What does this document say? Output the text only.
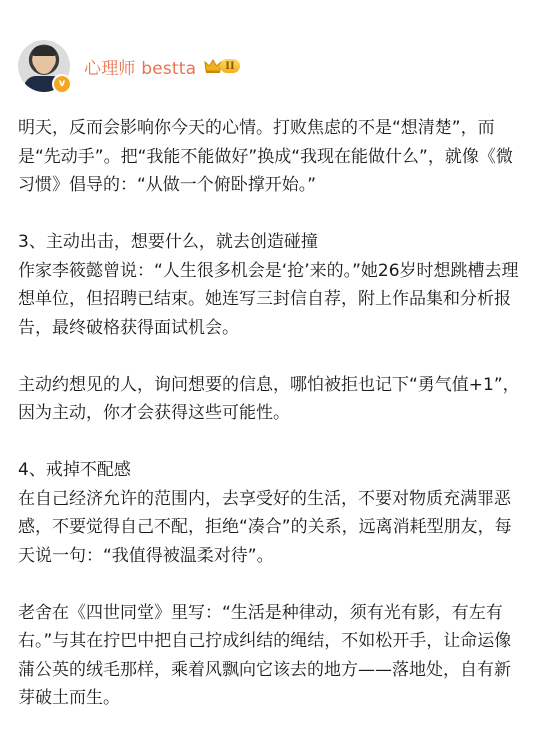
v
心理师 bestta	II

明天，反而会影响你今天的心情。打败焦虑的不是“想清楚”，而是“先动手”。把“我能不能做好”换成“我现在能做什么”，就像《微习惯》倡导的：“从做一个俯卧撑开始。”

3、主动出击，想要什么，就去创造碰撞
作家李筱懿曾说：“人生很多机会是‘抢’来的。”她26岁时想跳槽去理想单位，但招聘已结束。她连写三封信自荐，附上作品集和分析报告，最终破格获得面试机会。

主动约想见的人，询问想要的信息，哪怕被拒也记下“勇气值+1”，因为主动，你才会获得这些可能性。

4、戒掉不配感
在自己经济允许的范围内，去享受好的生活，不要对物质充满罪恶感，不要觉得自己不配，拒绝“凑合”的关系，远离消耗型朋友，每天说一句：“我值得被温柔对待”。

老舍在《四世同堂》里写：“生活是种律动，须有光有影，有左有右。”与其在拧巴中把自己拧成纠结的绳结，不如松开手，让命运像蒲公英的绒毛那样，乘着风飘向它该去的地方——落地处，自有新芽破土而生。
